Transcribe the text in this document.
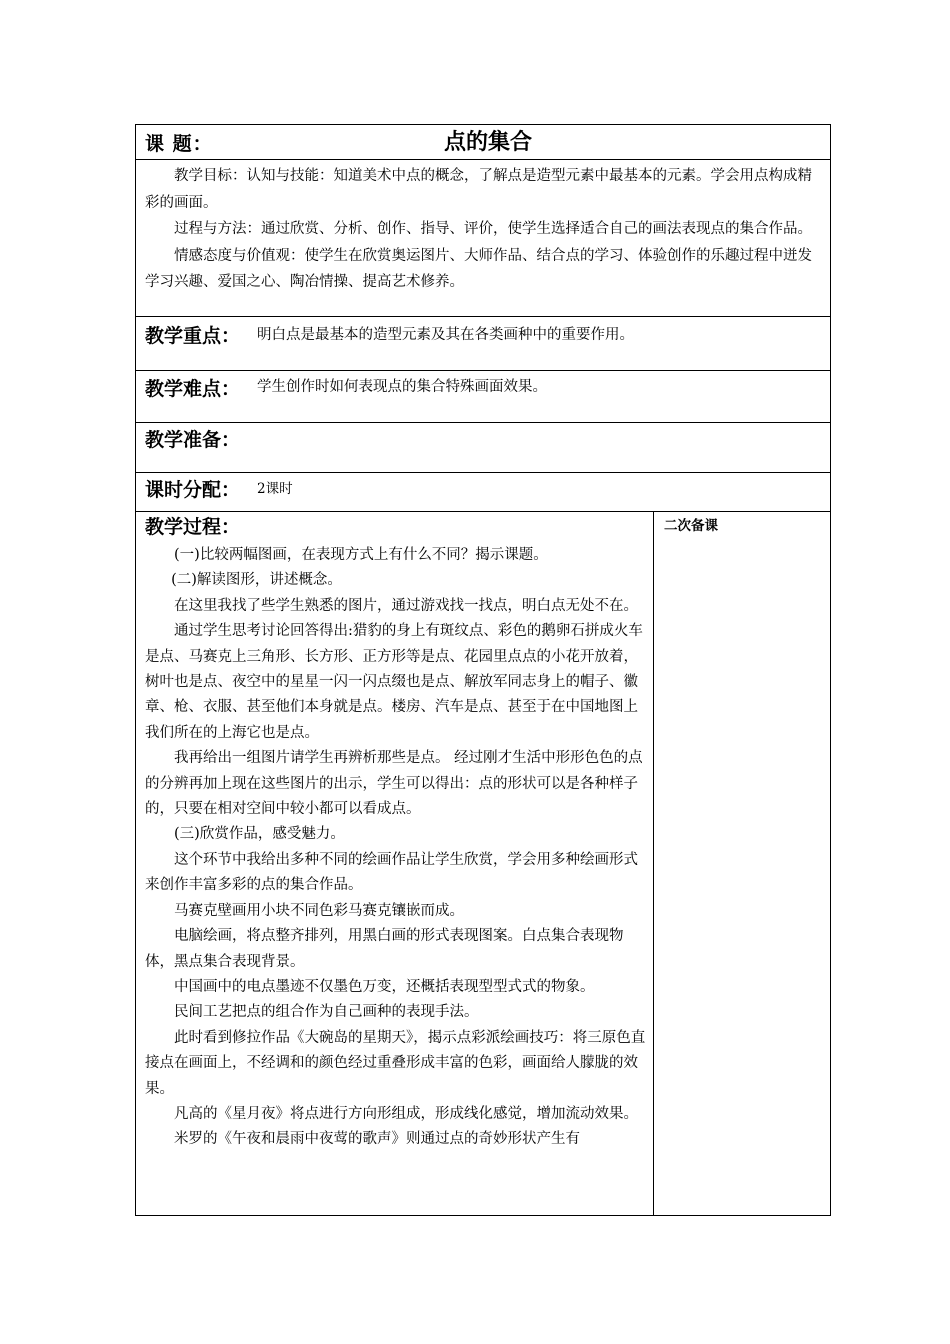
课 题：	点的集合

教学目标：认知与技能：知道美术中点的概念，了解点是造型元素中最基本的元素。学会用点构成精彩的画面。

过程与方法：通过欣赏、分析、创作、指导、评价，使学生选择适合自己的画法表现点的集合作品。

情感态度与价值观：使学生在欣赏奥运图片、大师作品、结合点的学习、体验创作的乐趣过程中迸发学习兴趣、爱国之心、陶冶情操、提高艺术修养。

教学重点： 明白点是最基本的造型元素及其在各类画种中的重要作用。
教学难点： 学生创作时如何表现点的集合特殊画面效果。
教学准备：
课时分配： 2课时
教学过程：

(一)比较两幅图画，在表现方式上有什么不同？揭示课题。

(二)解读图形，讲述概念。

在这里我找了些学生熟悉的图片，通过游戏找一找点，明白点无处不在。

通过学生思考讨论回答得出:猎豹的身上有斑纹点、彩色的鹅卵石拼成火车是点、马赛克上三角形、长方形、正方形等是点、花园里点点的小花开放着，树叶也是点、夜空中的星星一闪一闪点缀也是点、解放军同志身上的帽子、徽章、枪、衣服、甚至他们本身就是点。楼房、汽车是点、甚至于在中国地图上我们所在的上海它也是点。

我再给出一组图片请学生再辨析那些是点。 经过刚才生活中形形色色的点的分辨再加上现在这些图片的出示，学生可以得出：点的形状可以是各种样子的，只要在相对空间中较小都可以看成点。

(三)欣赏作品，感受魅力。

这个环节中我给出多种不同的绘画作品让学生欣赏，学会用多种绘画形式来创作丰富多彩的点的集合作品。

马赛克壁画用小块不同色彩马赛克镶嵌而成。

电脑绘画，将点整齐排列，用黑白画的形式表现图案。白点集合表现物体，黑点集合表现背景。

中国画中的电点墨迹不仅墨色万变，还概括表现型型式式的物象。

民间工艺把点的组合作为自己画种的表现手法。

此时看到修拉作品《大碗岛的星期天》，揭示点彩派绘画技巧：将三原色直接点在画面上，不经调和的颜色经过重叠形成丰富的色彩，画面给人朦胧的效果。

凡高的《星月夜》将点进行方向形组成，形成线化感觉，增加流动效果。

米罗的《午夜和晨雨中夜莺的歌声》则通过点的奇妙形状产生有

二次备课
